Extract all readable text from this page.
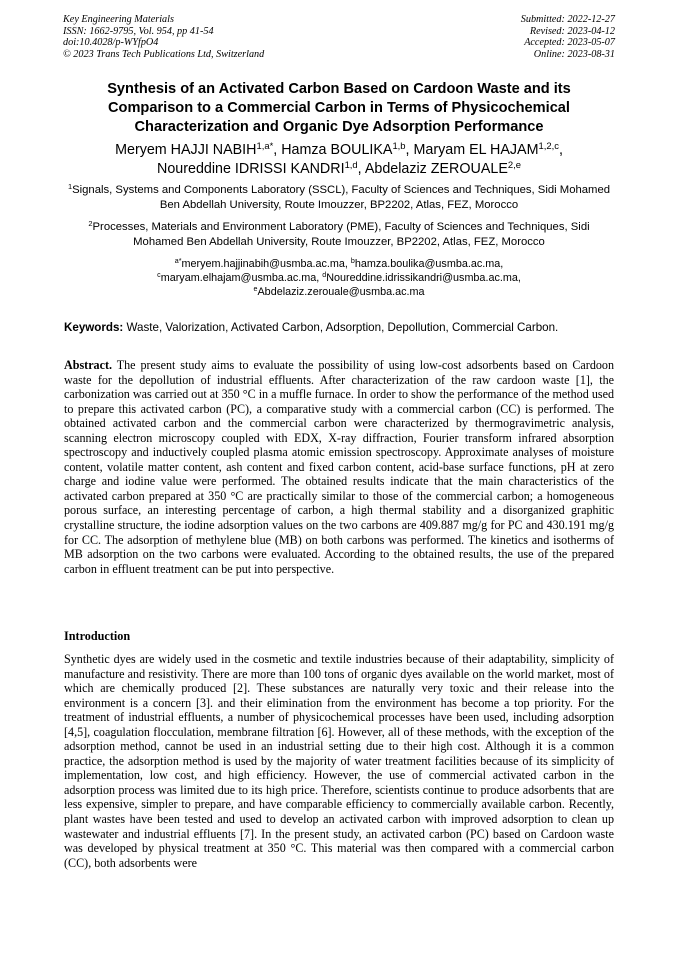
Key Engineering Materials
ISSN: 1662-9795, Vol. 954, pp 41-54
doi:10.4028/p-WYfpO4
© 2023 Trans Tech Publications Ltd, Switzerland
Submitted: 2022-12-27
Revised: 2023-04-12
Accepted: 2023-05-07
Online: 2023-08-31
Synthesis of an Activated Carbon Based on Cardoon Waste and its Comparison to a Commercial Carbon in Terms of Physicochemical Characterization and Organic Dye Adsorption Performance
Meryem HAJJI $NABIH^{1,a*}$, Hamza BOULIKA$^{1,b}$, Maryam EL HAJAM$^{1,2,c}$,
Noureddine IDRISSI KANDRI$^{1,d}$, Abdelaziz ZEROUALE$^{2,e}$
$^1$Signals, Systems and Components Laboratory (SSCL), Faculty of Sciences and Techniques, Sidi Mohamed Ben Abdellah University, Route Imouzzer, BP2202, Atlas, FEZ, Morocco
$^2$Processes, Materials and Environment Laboratory (PME), Faculty of Sciences and Techniques, Sidi Mohamed Ben Abdellah University, Route Imouzzer, BP2202, Atlas, FEZ, Morocco
$^{a*}$meryem.hajjinabih@usmba.ac.ma, $^b$hamza.boulika@usmba.ac.ma,
$^c$maryam.elhajam@usmba.ac.ma, $^d$Noureddine.idrissikandri@usmba.ac.ma,
$^e$Abdelaziz.zerouale@usmba.ac.ma
Keywords: Waste, Valorization, Activated Carbon, Adsorption, Depollution, Commercial Carbon.
Abstract. The present study aims to evaluate the possibility of using low-cost adsorbents based on Cardoon waste for the depollution of industrial effluents. After characterization of the raw cardoon waste [1], the carbonization was carried out at 350 °C in a muffle furnace. In order to show the performance of the method used to prepare this activated carbon (PC), a comparative study with a commercial carbon (CC) is performed. The obtained activated carbon and the commercial carbon were characterized by thermogravimetric analysis, scanning electron microscopy coupled with EDX, X-ray diffraction, Fourier transform infrared absorption spectroscopy and inductively coupled plasma atomic emission spectroscopy. Approximate analyses of moisture content, volatile matter content, ash content and fixed carbon content, acid-base surface functions, pH at zero charge and iodine value were performed. The obtained results indicate that the main characteristics of the activated carbon prepared at 350 °C are practically similar to those of the commercial carbon; a homogeneous porous surface, an interesting percentage of carbon, a high thermal stability and a disorganized graphitic crystalline structure, the iodine adsorption values on the two carbons are 409.887 mg/g for PC and 430.191 mg/g for CC. The adsorption of methylene blue (MB) on both carbons was performed. The kinetics and isotherms of MB adsorption on the two carbons were evaluated. According to the obtained results, the use of the prepared carbon in effluent treatment can be put into perspective.
Introduction
Synthetic dyes are widely used in the cosmetic and textile industries because of their adaptability, simplicity of manufacture and resistivity. There are more than 100 tons of organic dyes available on the world market, most of which are chemically produced [2]. These substances are naturally very toxic and their release into the environment is a concern [3]. and their elimination from the environment has become a top priority. For the treatment of industrial effluents, a number of physicochemical processes have been used, including adsorption [4,5], coagulation flocculation, membrane filtration [6]. However, all of these methods, with the exception of the adsorption method, cannot be used in an industrial setting due to their high cost. Although it is a common practice, the adsorption method is used by the majority of water treatment facilities because of its simplicity of implementation, low cost, and high efficiency. However, the use of commercial activated carbon in the adsorption process was limited due to its high price. Therefore, scientists continue to produce adsorbents that are less expensive, simpler to prepare, and have comparable efficiency to commercially available carbon. Recently, plant wastes have been tested and used to develop an activated carbon with improved adsorption to clean up wastewater and industrial effluents [7]. In the present study, an activated carbon (PC) based on Cardoon waste was developed by physical treatment at 350 °C. This material was then compared with a commercial carbon (CC), both adsorbents were
